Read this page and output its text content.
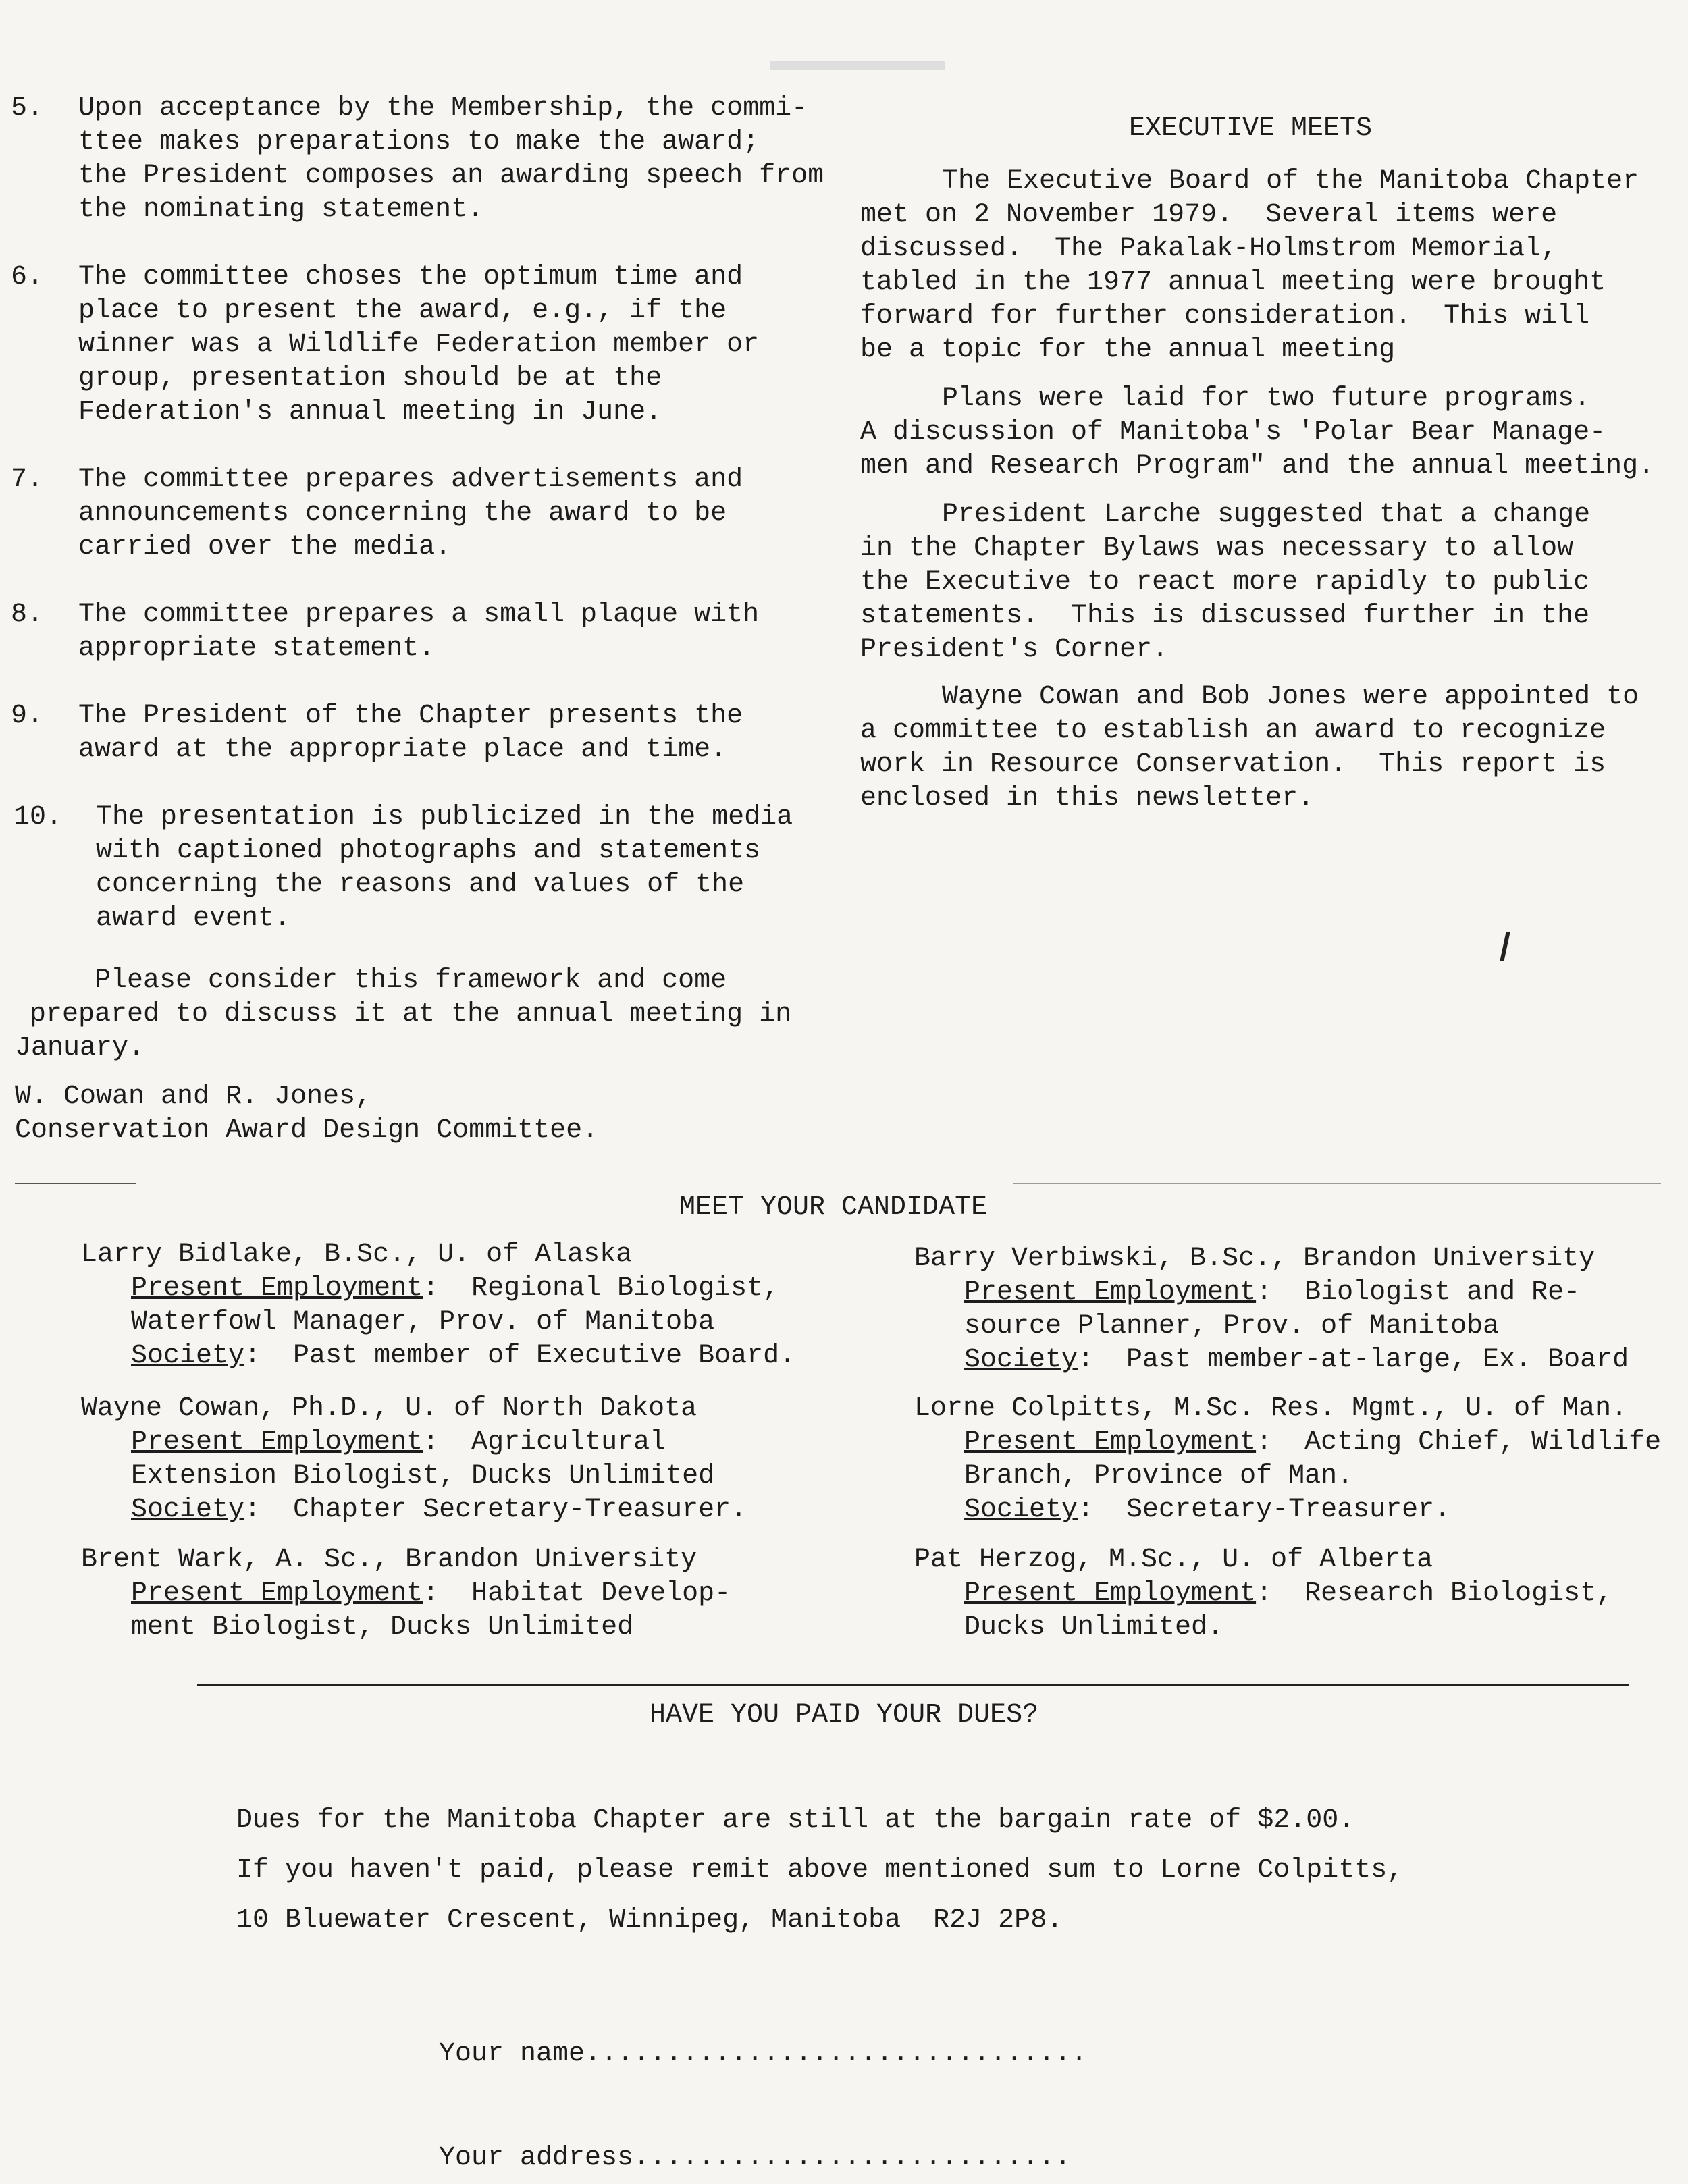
5. Upon acceptance by the Membership, the commi-
ttee makes preparations to make the award;
the President composes an awarding speech from
the nominating statement.
6. The committee choses the optimum time and
place to present the award, e.g., if the
winner was a Wildlife Federation member or
group, presentation should be at the
Federation's annual meeting in June.
7. The committee prepares advertisements and
announcements concerning the award to be
carried over the media.
8. The committee prepares a small plaque with
appropriate statement.
9. The President of the Chapter presents the
award at the appropriate place and time.
10. The presentation is publicized in the media
with captioned photographs and statements
concerning the reasons and values of the
award event.
Please consider this framework and come
prepared to discuss it at the annual meeting in
January.
W. Cowan and R. Jones,
Conservation Award Design Committee.
EXECUTIVE MEETS
The Executive Board of the Manitoba Chapter
met on 2 November 1979.  Several items were
discussed.  The Pakalak-Holmstrom Memorial,
tabled in the 1977 annual meeting were brought
forward for further consideration.  This will
be a topic for the annual meeting
Plans were laid for two future programs.
A discussion of Manitoba's 'Polar Bear Manage-
men and Research Program" and the annual meeting.
President Larche suggested that a change
in the Chapter Bylaws was necessary to allow
the Executive to react more rapidly to public
statements.  This is discussed further in the
President's Corner.
Wayne Cowan and Bob Jones were appointed to
a committee to establish an award to recognize
work in Resource Conservation.  This report is
enclosed in this newsletter.
MEET YOUR CANDIDATE
Larry Bidlake, B.Sc., U. of Alaska
Present Employment:  Regional Biologist,
Waterfowl Manager, Prov. of Manitoba
Society:  Past member of Executive Board.
Wayne Cowan, Ph.D., U. of North Dakota
Present Employment:  Agricultural
Extension Biologist, Ducks Unlimited
Society:  Chapter Secretary-Treasurer.
Brent Wark, A. Sc., Brandon University
Present Employment:  Habitat Develop-
ment Biologist, Ducks Unlimited
Barry Verbiwski, B.Sc., Brandon University
Present Employment:  Biologist and Re-
source Planner, Prov. of Manitoba
Society:  Past member-at-large, Ex. Board
Lorne Colpitts, M.Sc. Res. Mgmt., U. of Man.
Present Employment:  Acting Chief, Wildlife
Branch, Province of Man.
Society:  Secretary-Treasurer.
Pat Herzog, M.Sc., U. of Alberta
Present Employment:  Research Biologist,
Ducks Unlimited.
HAVE YOU PAID YOUR DUES?
Dues for the Manitoba Chapter are still at the bargain rate of $2.00.
If you haven't paid, please remit above mentioned sum to Lorne Colpitts,
10 Bluewater Crescent, Winnipeg, Manitoba  R2J 2P8.

Your name...............................

Your address...........................
